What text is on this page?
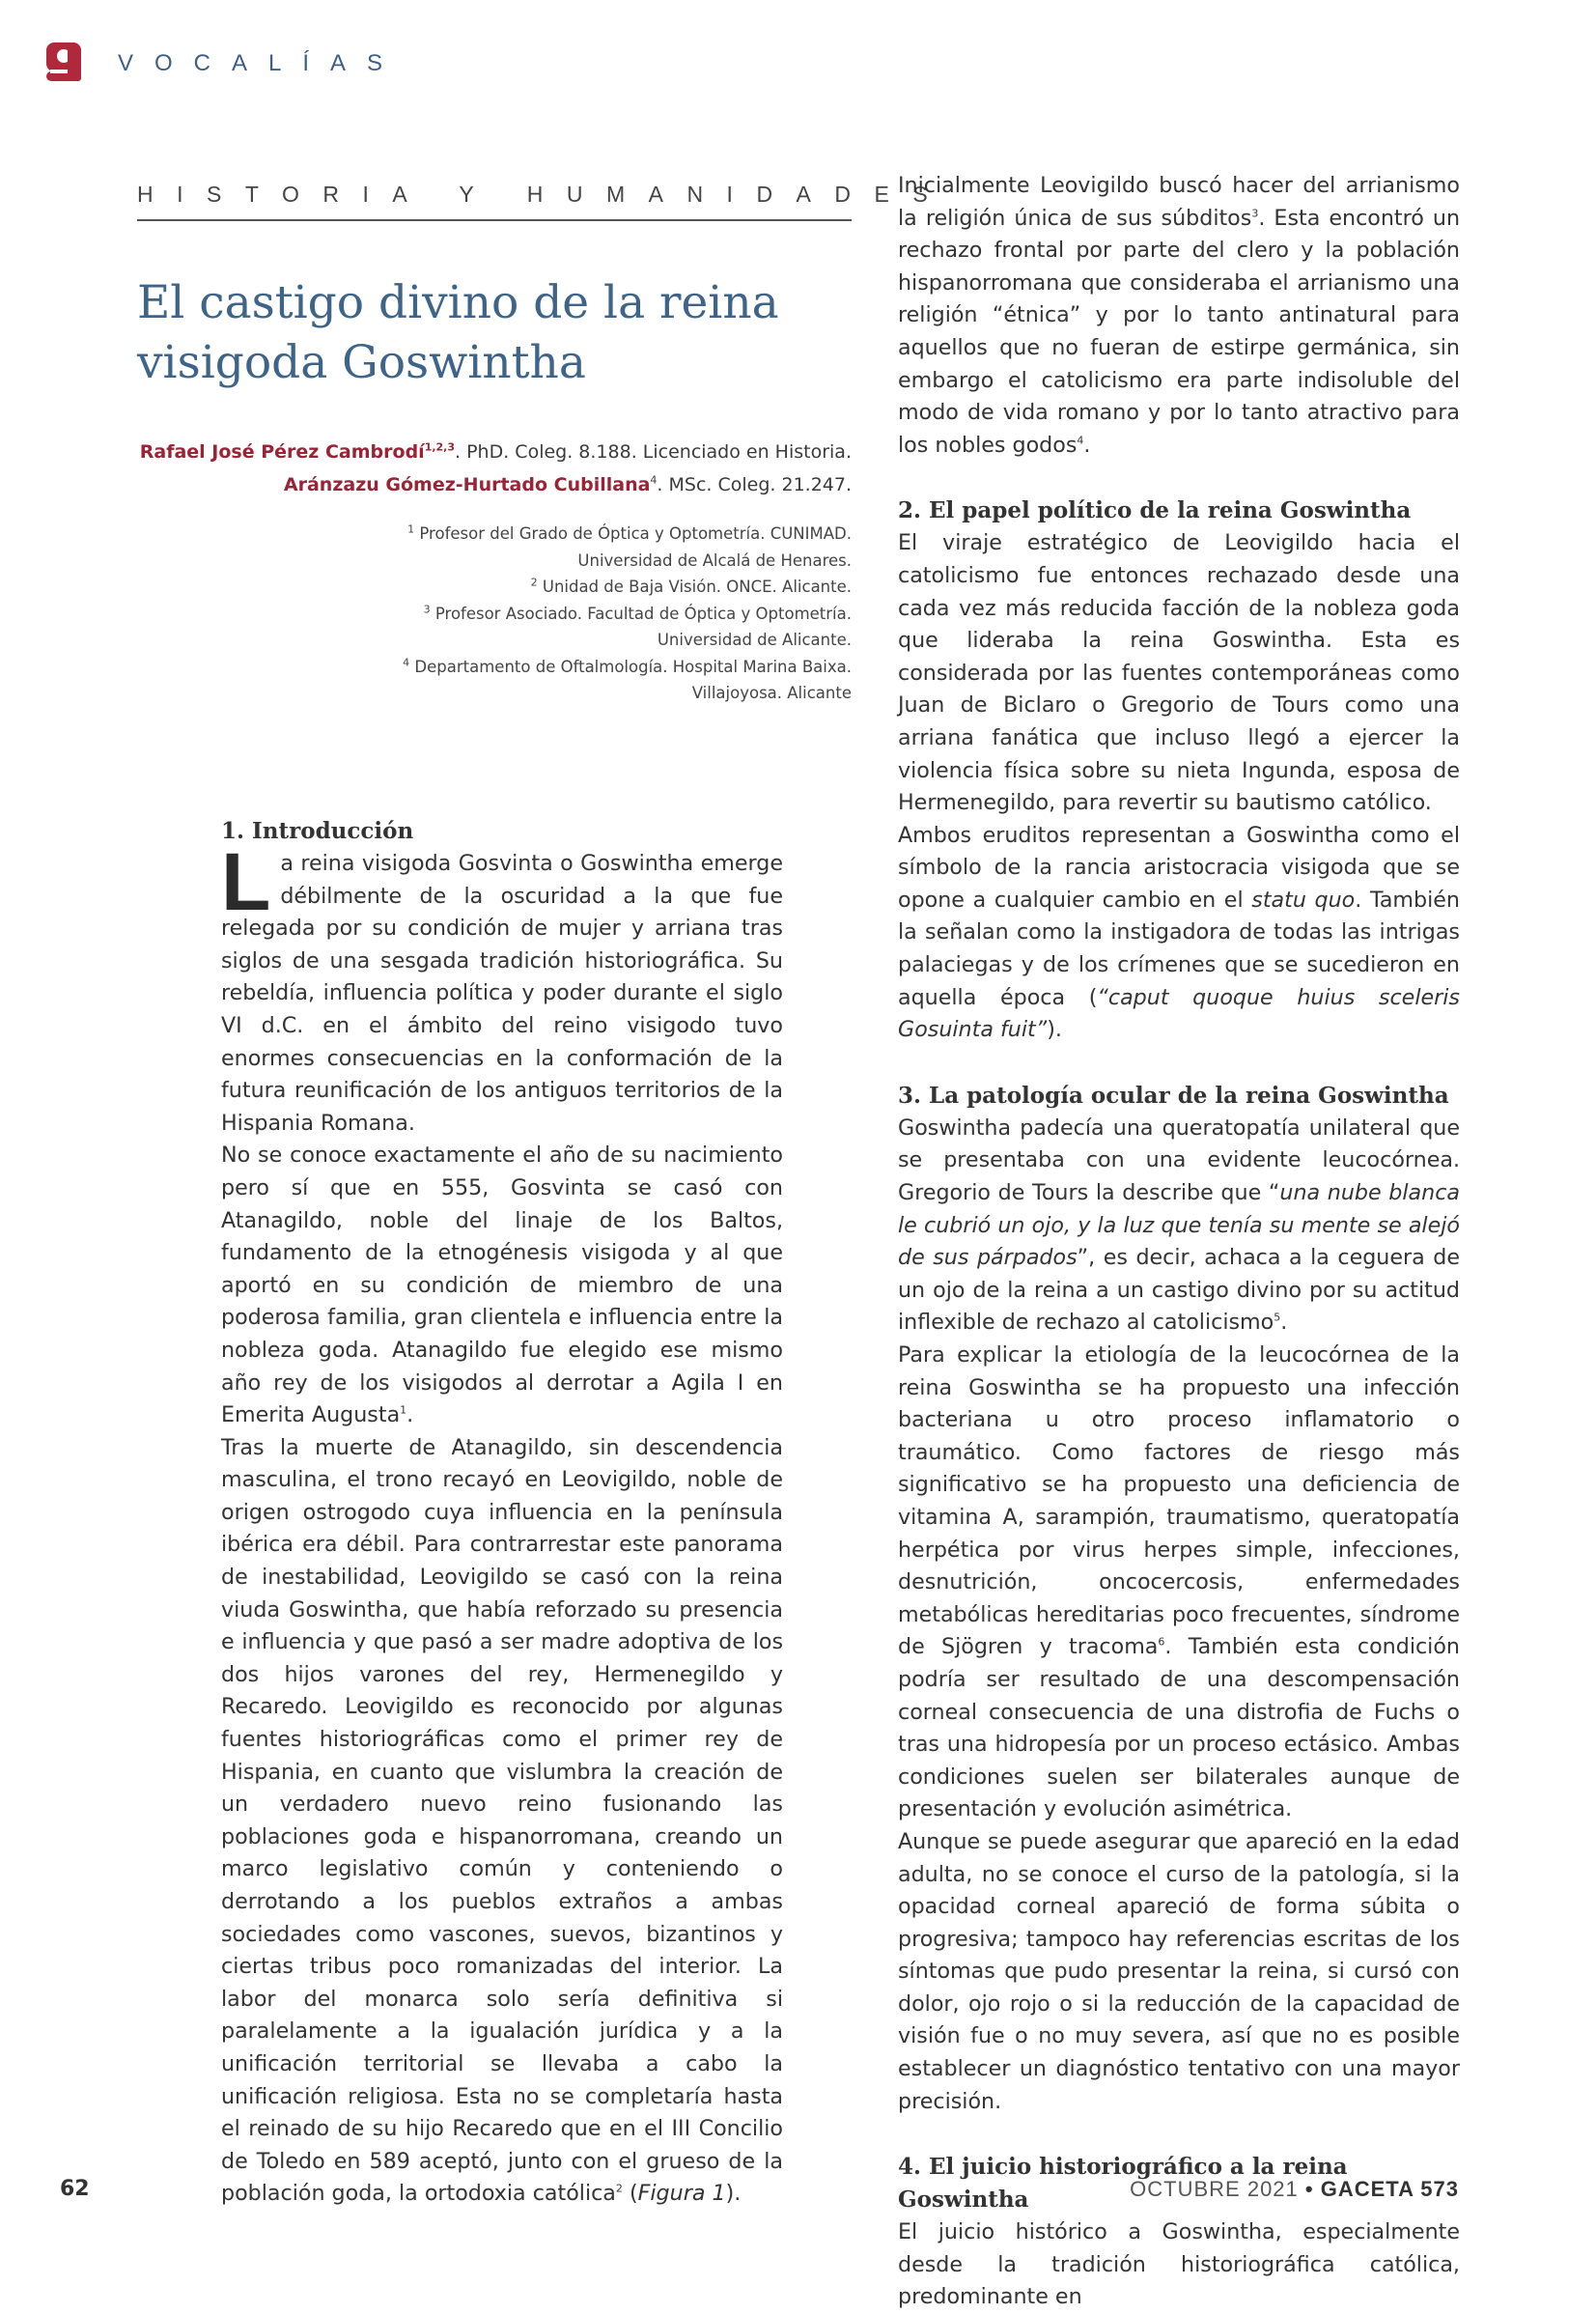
VOCALÍAS
HISTORIA Y HUMANIDADES
El castigo divino de la reina visigoda Goswintha
Rafael José Pérez Cambrodí$^{1,2,3}$. PhD. Coleg. 8.188. Licenciado en Historia.
Aránzazu Gómez-Hurtado Cubillana$^4$. MSc. Coleg. 21.247.

$^1$ Profesor del Grado de Óptica y Optometría. CUNIMAD.

Universidad de Alcalá de Henares.

$^2$ Unidad de Baja Visión. ONCE. Alicante.

$^3$ Profesor Asociado. Facultad de Óptica y Optometría.

Universidad de Alicante.

$^4$ Departamento de Oftalmología. Hospital Marina Baixa.

Villajoyosa. Alicante

1. Introducción

La reina visigoda Gosvinta o Goswintha emerge débilmente de la oscuridad a la que fue relegada por su condición de mujer y arriana tras siglos de una sesgada tradición historiográfica. Su rebeldía, influencia política y poder durante el siglo VI d.C. en el ámbito del reino visigodo tuvo enormes consecuencias en la conformación de la futura reunificación de los antiguos territorios de la Hispania Romana.

No se conoce exactamente el año de su nacimiento pero sí que en 555, Gosvinta se casó con Atanagildo, noble del linaje de los Baltos, fundamento de la etnogénesis visigoda y al que aportó en su condición de miembro de una poderosa familia, gran clientela e influencia entre la nobleza goda. Atanagildo fue elegido ese mismo año rey de los visigodos al derrotar a Agila I en Emerita Augusta$^1$.

Tras la muerte de Atanagildo, sin descendencia masculina, el trono recayó en Leovigildo, noble de origen ostrogodo cuya influencia en la península ibérica era débil. Para contrarrestar este panorama de inestabilidad, Leovigildo se casó con la reina viuda Goswintha, que había reforzado su presencia e influencia y que pasó a ser madre adoptiva de los dos hijos varones del rey, Hermenegildo y Recaredo. Leovigildo es reconocido por algunas fuentes historiográficas como el primer rey de Hispania, en cuanto que vislumbra la creación de un verdadero nuevo reino fusionando las poblaciones goda e hispanorromana, creando un marco legislativo común y conteniendo o derrotando a los pueblos extraños a ambas sociedades como vascones, suevos, bizantinos y ciertas tribus poco romanizadas del interior. La labor del monarca solo sería definitiva si paralelamente a la igualación jurídica y a la unificación territorial se llevaba a cabo la unificación religiosa. Esta no se completaría hasta el reinado de su hijo Recaredo que en el III Concilio de Toledo en 589 aceptó, junto con el grueso de la población goda, la ortodoxia católica$^2$ (Figura 1).

Inicialmente Leovigildo buscó hacer del arrianismo la religión única de sus súbditos$^3$. Esta encontró un rechazo frontal por parte del clero y la población hispanorromana que consideraba el arrianismo una religión “étnica” y por lo tanto antinatural para aquellos que no fueran de estirpe germánica, sin embargo el catolicismo era parte indisoluble del modo de vida romano y por lo tanto atractivo para los nobles godos$^4$.

2. El papel político de la reina Goswintha

El viraje estratégico de Leovigildo hacia el catolicismo fue entonces rechazado desde una cada vez más reducida facción de la nobleza goda que lideraba la reina Goswintha. Esta es considerada por las fuentes contemporáneas como Juan de Biclaro o Gregorio de Tours como una arriana fanática que incluso llegó a ejercer la violencia física sobre su nieta Ingunda, esposa de Hermenegildo, para revertir su bautismo católico.

Ambos eruditos representan a Goswintha como el símbolo de la rancia aristocracia visigoda que se opone a cualquier cambio en el statu quo. También la señalan como la instigadora de todas las intrigas palaciegas y de los crímenes que se sucedieron en aquella época (“caput quoque huius sceleris Gosuinta fuit”).

3. La patología ocular de la reina Goswintha

Goswintha padecía una queratopatía unilateral que se presentaba con una evidente leucocórnea. Gregorio de Tours la describe que “una nube blanca le cubrió un ojo, y la luz que tenía su mente se alejó de sus párpados”, es decir, achaca a la ceguera de un ojo de la reina a un castigo divino por su actitud inflexible de rechazo al catolicismo$^5$.

Para explicar la etiología de la leucocórnea de la reina Goswintha se ha propuesto una infección bacteriana u otro proceso inflamatorio o traumático. Como factores de riesgo más significativo se ha propuesto una deficiencia de vitamina A, sarampión, traumatismo, queratopatía herpética por virus herpes simple, infecciones, desnutrición, oncocercosis, enfermedades metabólicas hereditarias poco frecuentes, síndrome de Sjögren y tracoma$^6$. También esta condición podría ser resultado de una descompensación corneal consecuencia de una distrofia de Fuchs o tras una hidropesía por un proceso ectásico. Ambas condiciones suelen ser bilaterales aunque de presentación y evolución asimétrica.

Aunque se puede asegurar que apareció en la edad adulta, no se conoce el curso de la patología, si la opacidad corneal apareció de forma súbita o progresiva; tampoco hay referencias escritas de los síntomas que pudo presentar la reina, si cursó con dolor, ojo rojo o si la reducción de la capacidad de visión fue o no muy severa, así que no es posible establecer un diagnóstico tentativo con una mayor precisión.

4. El juicio historiográfico a la reina Goswintha

El juicio histórico a Goswintha, especialmente desde la tradición historiográfica católica, predominante en

62	OCTUBRE 2021 • GACETA 573
